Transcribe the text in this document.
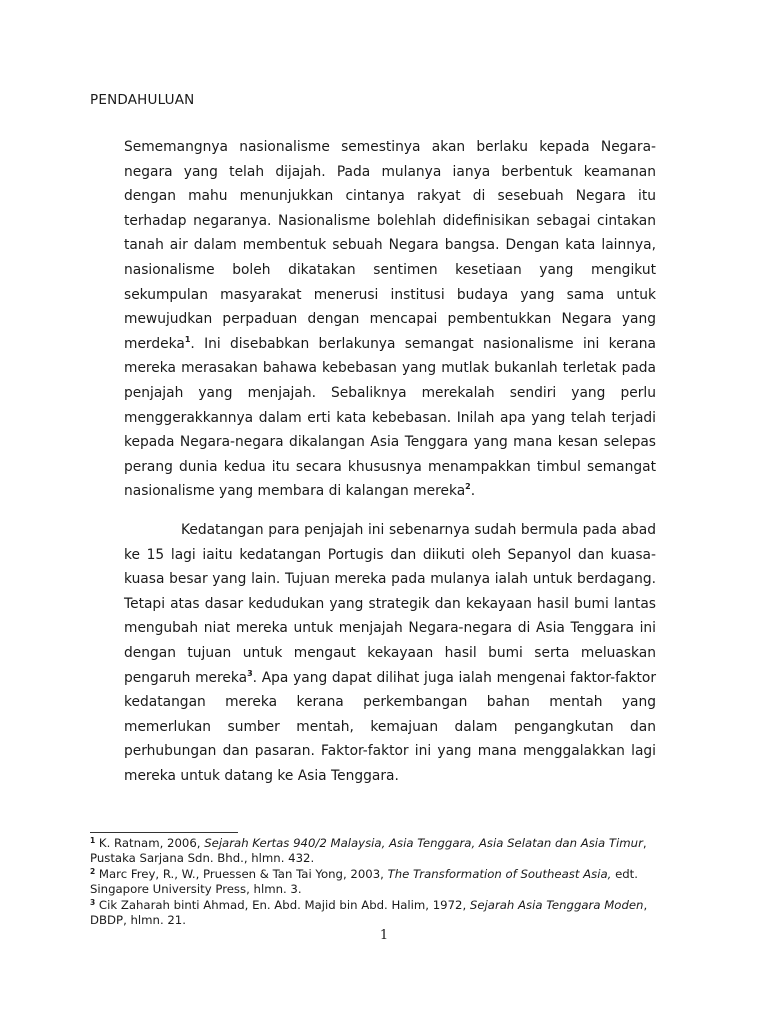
PENDAHULUAN

Sememangnya nasionalisme semestinya akan berlaku kepada Negara-negara yang telah dijajah. Pada mulanya ianya berbentuk keamanan dengan mahu menunjukkan cintanya rakyat di sesebuah Negara itu terhadap negaranya. Nasionalisme bolehlah didefinisikan sebagai cintakan tanah air dalam membentuk sebuah Negara bangsa. Dengan kata lainnya, nasionalisme boleh dikatakan sentimen kesetiaan yang mengikut sekumpulan masyarakat menerusi institusi budaya yang sama untuk mewujudkan perpaduan dengan mencapai pembentukkan Negara yang merdeka$^1$. Ini disebabkan berlakunya semangat nasionalisme ini kerana mereka merasakan bahawa kebebasan yang mutlak bukanlah terletak pada penjajah yang menjajah. Sebaliknya merekalah sendiri yang perlu menggerakkannya dalam erti kata kebebasan. Inilah apa yang telah terjadi kepada Negara-negara dikalangan Asia Tenggara yang mana kesan selepas perang dunia kedua itu secara khususnya menampakkan timbul semangat nasionalisme yang membara di kalangan mereka$^2$.

Kedatangan para penjajah ini sebenarnya sudah bermula pada abad ke 15 lagi iaitu kedatangan Portugis dan diikuti oleh Sepanyol dan kuasa-kuasa besar yang lain. Tujuan mereka pada mulanya ialah untuk berdagang. Tetapi atas dasar kedudukan yang strategik dan kekayaan hasil bumi lantas mengubah niat mereka untuk menjajah Negara-negara di Asia Tenggara ini dengan tujuan untuk mengaut kekayaan hasil bumi serta meluaskan pengaruh mereka$^3$. Apa yang dapat dilihat juga ialah mengenai faktor-faktor kedatangan mereka kerana perkembangan bahan mentah yang memerlukan sumber mentah, kemajuan dalam pengangkutan dan perhubungan dan pasaran. Faktor-faktor ini yang mana menggalakkan lagi mereka untuk datang ke Asia Tenggara.

$^1$ K. Ratnam, 2006, Sejarah Kertas 940/2 Malaysia, Asia Tenggara, Asia Selatan dan Asia Timur, Pustaka Sarjana Sdn. Bhd., hlmn. 432.

$^2$ Marc Frey, R., W., Pruessen & Tan Tai Yong, 2003, The Transformation of Southeast Asia, edt. Singapore University Press, hlmn. 3.

$^3$ Cik Zaharah binti Ahmad, En. Abd. Majid bin Abd. Halim, 1972, Sejarah Asia Tenggara Moden, DBDP, hlmn. 21.

1
